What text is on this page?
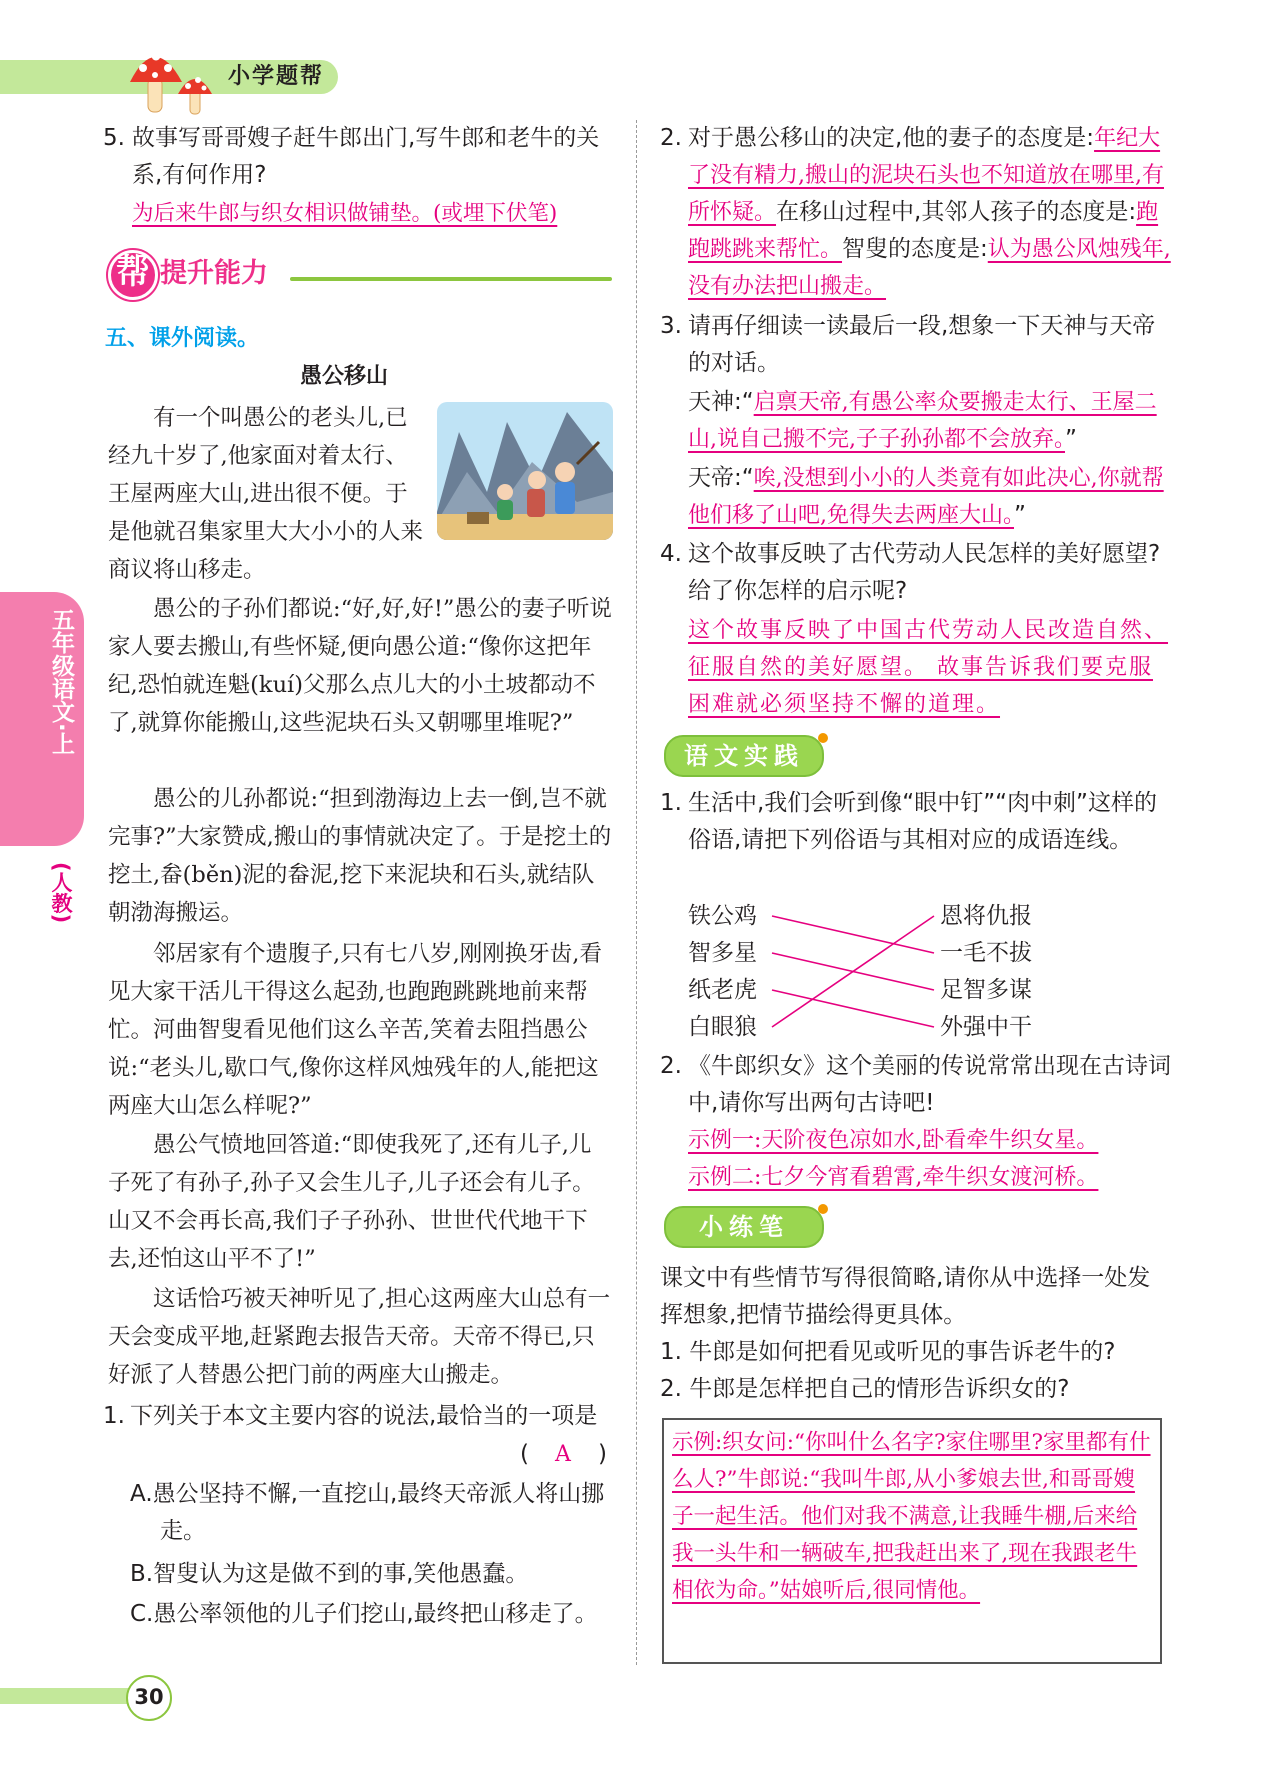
小学题帮
五年级语文·上
(人教)
5. 故事写哥哥嫂子赶牛郎出门,写牛郎和老牛的关系,有何作用?
为后来牛郎与织女相识做铺垫。(或埋下伏笔)
帮 提升能力
五、课外阅读。
愚公移山
有一个叫愚公的老头儿,已经九十岁了,他家面对着太行、王屋两座大山,进出很不便。于是他就召集家里大大小小的人来商议将山移走。
愚公的子孙们都说:“好,好,好!”愚公的妻子听说家人要去搬山,有些怀疑,便向愚公道:“像你这把年纪,恐怕就连魁(kuí)父那么点儿大的小土坡都动不了,就算你能搬山,这些泥块石头又朝哪里堆呢?”
愚公的儿孙都说:“担到渤海边上去一倒,岂不就完事?”大家赞成,搬山的事情就决定了。于是挖土的挖土,畚(běn)泥的畚泥,挖下来泥块和石头,就结队朝渤海搬运。
邻居家有个遗腹子,只有七八岁,刚刚换牙齿,看见大家干活儿干得这么起劲,也跑跑跳跳地前来帮忙。河曲智叟看见他们这么辛苦,笑着去阻挡愚公说:“老头儿,歇口气,像你这样风烛残年的人,能把这两座大山怎么样呢?”
愚公气愤地回答道:“即使我死了,还有儿子,儿子死了有孙子,孙子又会生儿子,儿子还会有儿子。山又不会再长高,我们子子孙孙、世世代代地干下去,还怕这山平不了!”
这话恰巧被天神听见了,担心这两座大山总有一天会变成平地,赶紧跑去报告天帝。天帝不得已,只好派了人替愚公把门前的两座大山搬走。
1. 下列关于本文主要内容的说法,最恰当的一项是
( A )
A.愚公坚持不懈,一直挖山,最终天帝派人将山挪走。
B.智叟认为这是做不到的事,笑他愚蠢。
C.愚公率领他的儿子们挖山,最终把山移走了。
30
2. 对于愚公移山的决定,他的妻子的态度是:年纪大了没有精力,搬山的泥块石头也不知道放在哪里,有所怀疑。在移山过程中,其邻人孩子的态度是:跑跑跳跳来帮忙。智叟的态度是:认为愚公风烛残年,没有办法把山搬走。
3. 请再仔细读一读最后一段,想象一下天神与天帝的对话。
天神:“启禀天帝,有愚公率众要搬走太行、王屋二山,说自己搬不完,子子孙孙都不会放弃。”
天帝:“唉,没想到小小的人类竟有如此决心,你就帮他们移了山吧,免得失去两座大山。”
4. 这个故事反映了古代劳动人民怎样的美好愿望?给了你怎样的启示呢?
这个故事反映了中国古代劳动人民改造自然、征服自然的美好愿望。 故事告诉我们要克服困难就必须坚持不懈的道理。
语文实践
1. 生活中,我们会听到像“眼中钉”“肉中刺”这样的俗语,请把下列俗语与其相对应的成语连线。
铁公鸡
智多星
纸老虎
白眼狼
恩将仇报
一毛不拔
足智多谋
外强中干
2. 《牛郎织女》这个美丽的传说常常出现在古诗词中,请你写出两句古诗吧!
示例一:天阶夜色凉如水,卧看牵牛织女星。
示例二:七夕今宵看碧霄,牵牛织女渡河桥。
小练笔
课文中有些情节写得很简略,请你从中选择一处发挥想象,把情节描绘得更具体。
1. 牛郎是如何把看见或听见的事告诉老牛的?
2. 牛郎是怎样把自己的情形告诉织女的?
示例:织女问:“你叫什么名字?家住哪里?家里都有什么人?”牛郎说:“我叫牛郎,从小爹娘去世,和哥哥嫂子一起生活。他们对我不满意,让我睡牛棚,后来给我一头牛和一辆破车,把我赶出来了,现在我跟老牛相依为命。”姑娘听后,很同情他。
